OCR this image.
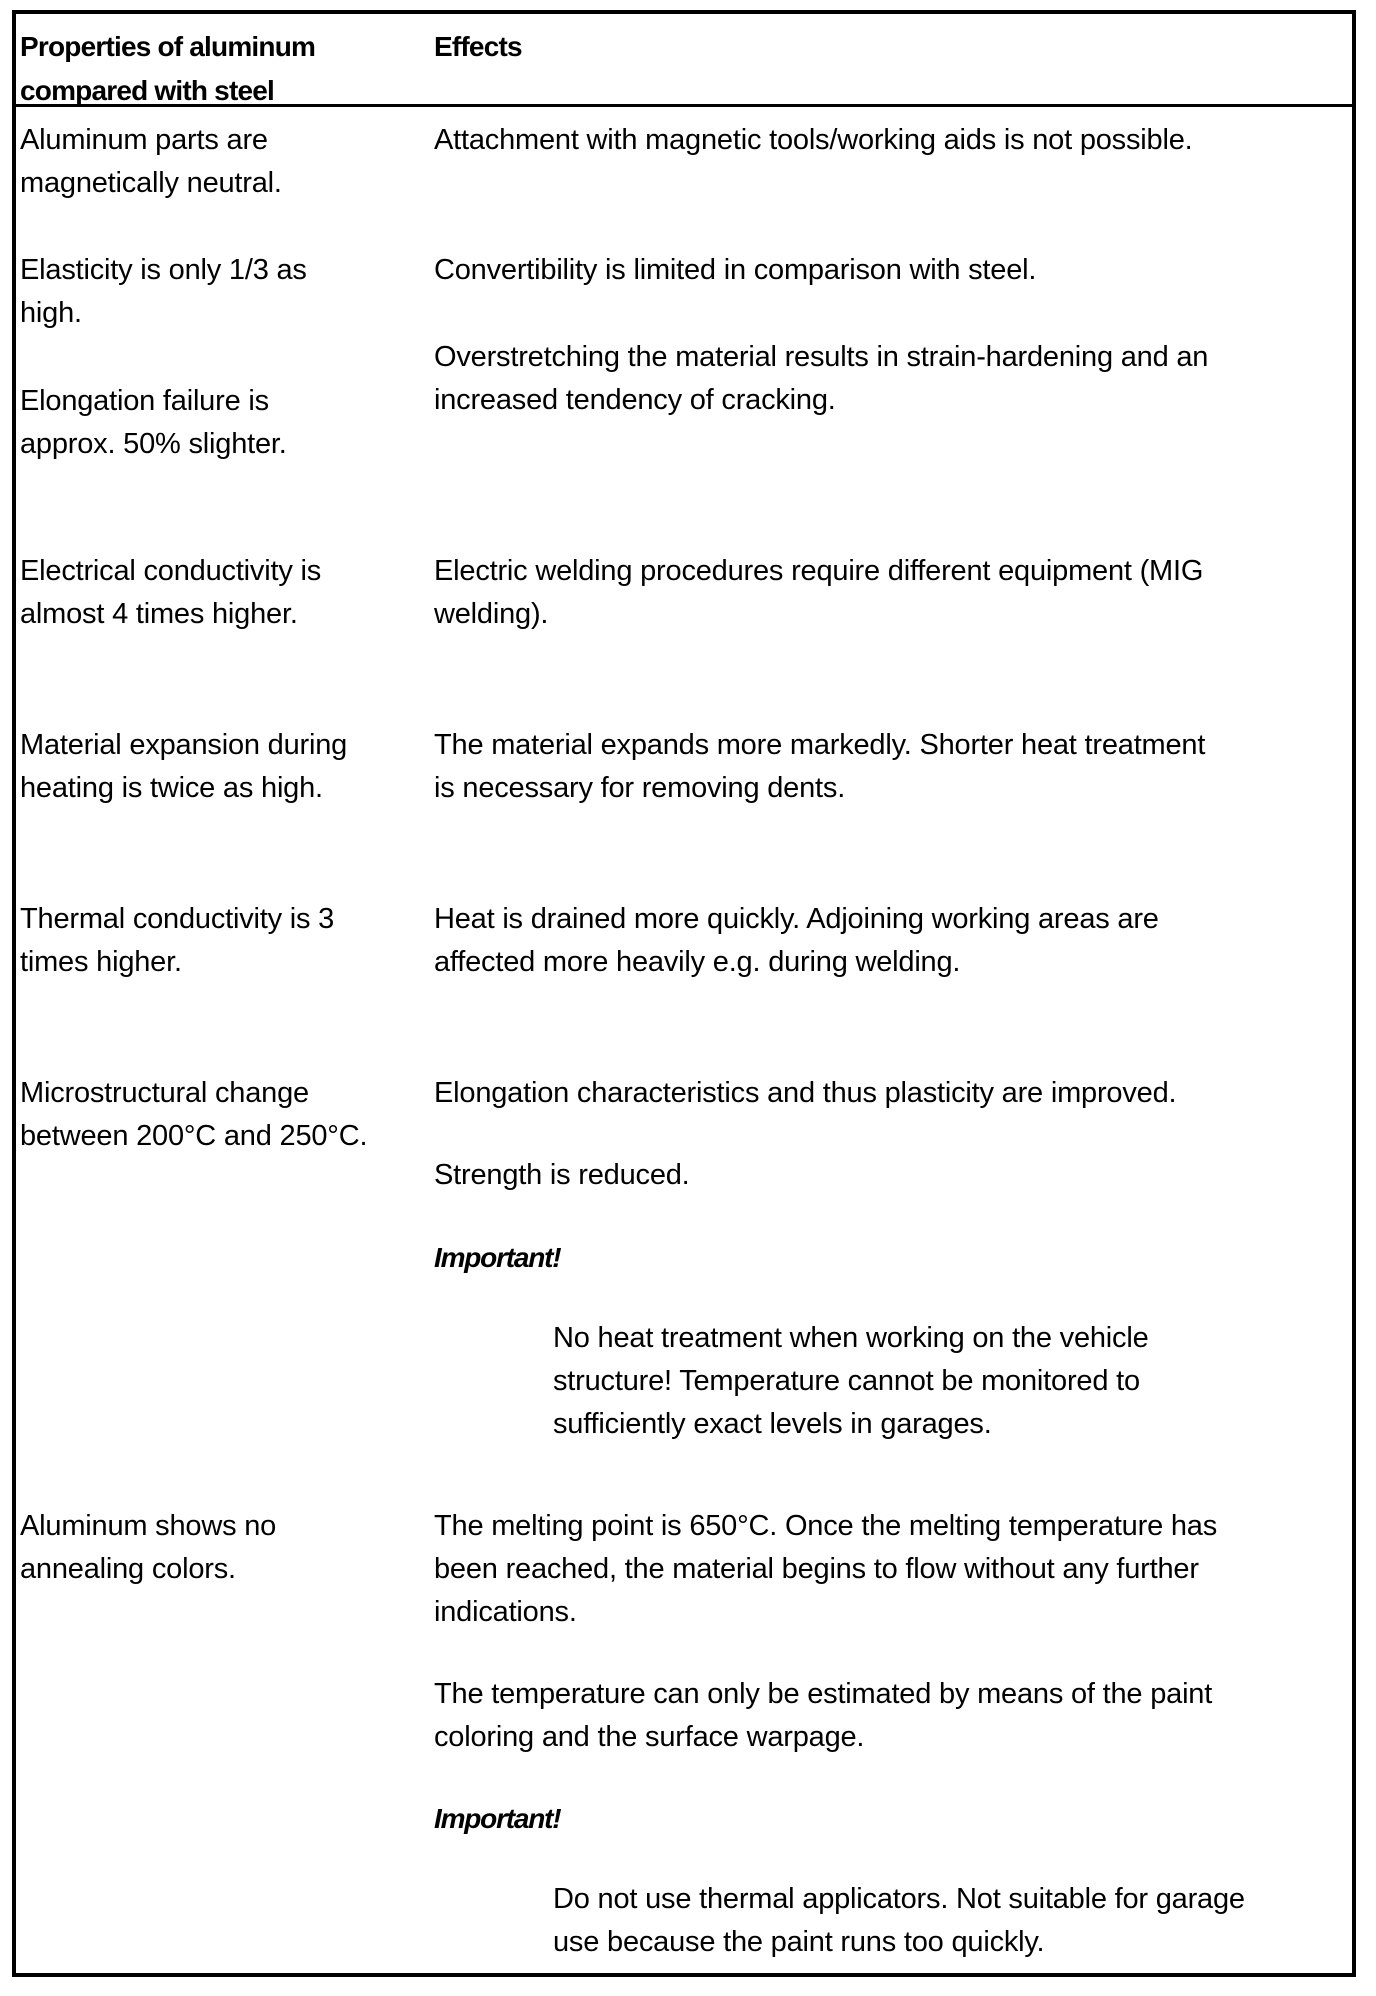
Properties of aluminum
compared with steel
Effects
Aluminum parts are
magnetically neutral.
Attachment with magnetic tools/working aids is not possible.
Elasticity is only 1/3 as
high.
Elongation failure is
approx. 50% slighter.
Convertibility is limited in comparison with steel.
Overstretching the material results in strain-hardening and an
increased tendency of cracking.
Electrical conductivity is
almost 4 times higher.
Electric welding procedures require different equipment (MIG
welding).
Material expansion during
heating is twice as high.
The material expands more markedly. Shorter heat treatment
is necessary for removing dents.
Thermal conductivity is 3
times higher.
Heat is drained more quickly. Adjoining working areas are
affected more heavily e.g. during welding.
Microstructural change
between 200°C and 250°C.
Elongation characteristics and thus plasticity are improved.
Strength is reduced.
Important!
No heat treatment when working on the vehicle
structure! Temperature cannot be monitored to
sufficiently exact levels in garages.
Aluminum shows no
annealing colors.
The melting point is 650°C. Once the melting temperature has
been reached, the material begins to flow without any further
indications.
The temperature can only be estimated by means of the paint
coloring and the surface warpage.
Important!
Do not use thermal applicators. Not suitable for garage
use because the paint runs too quickly.
